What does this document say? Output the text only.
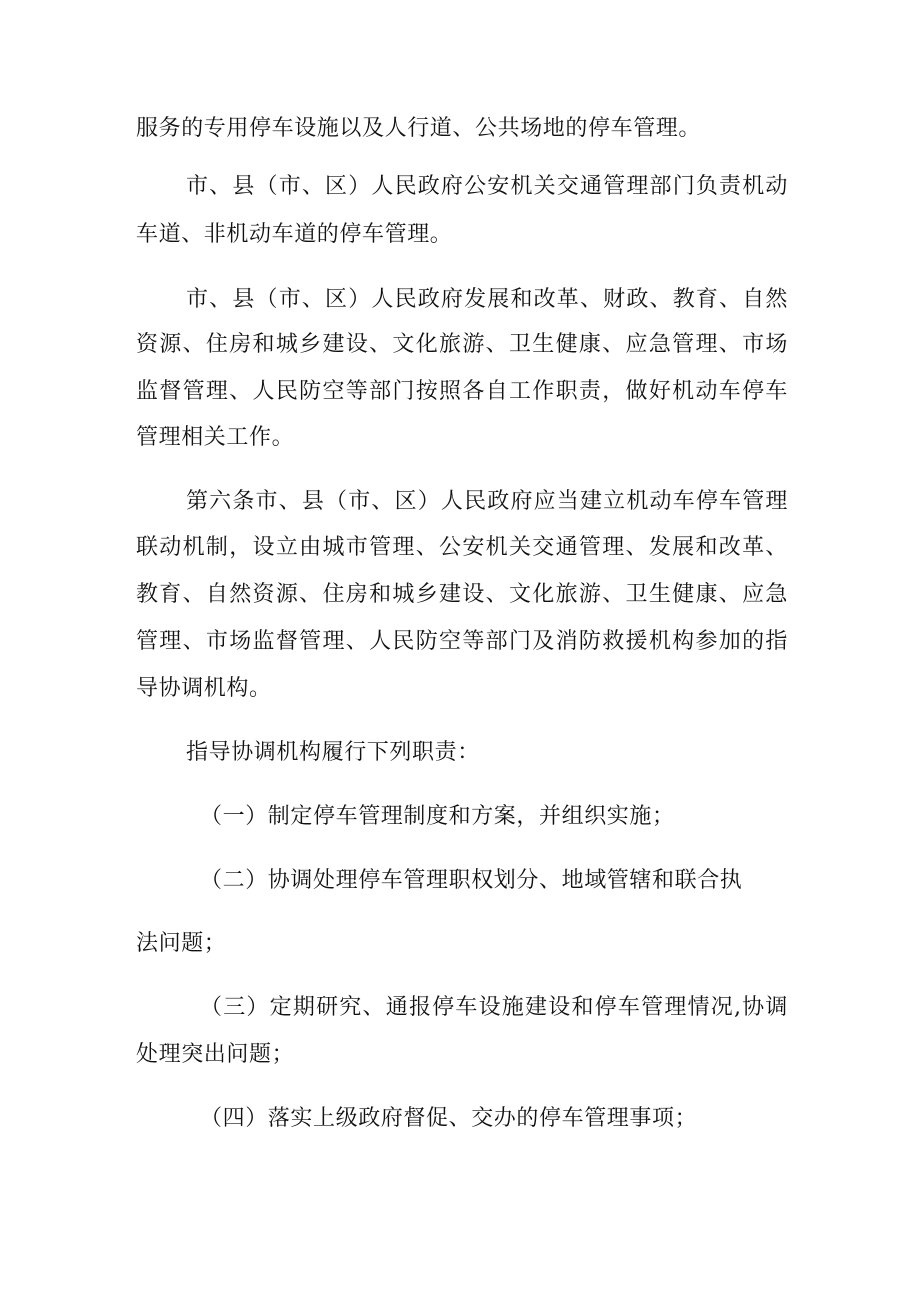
服务的专用停车设施以及人行道、公共场地的停车管理。

市、县（市、区）人民政府公安机关交通管理部门负责机动

车道、非机动车道的停车管理。

市、县（市、区）人民政府发展和改革、财政、教育、自然

资源、住房和城乡建设、文化旅游、卫生健康、应急管理、市场

监督管理、人民防空等部门按照各自工作职责，做好机动车停车

管理相关工作。

第六条市、县（市、区）人民政府应当建立机动车停车管理

联动机制，设立由城市管理、公安机关交通管理、发展和改革、

教育、自然资源、住房和城乡建设、文化旅游、卫生健康、应急

管理、市场监督管理、人民防空等部门及消防救援机构参加的指

导协调机构。

指导协调机构履行下列职责：

（一）制定停车管理制度和方案，并组织实施；

（二）协调处理停车管理职权划分、地域管辖和联合执

法问题；

（三）定期研究、通报停车设施建设和停车管理情况,协调

处理突出问题；

（四）落实上级政府督促、交办的停车管理事项；
